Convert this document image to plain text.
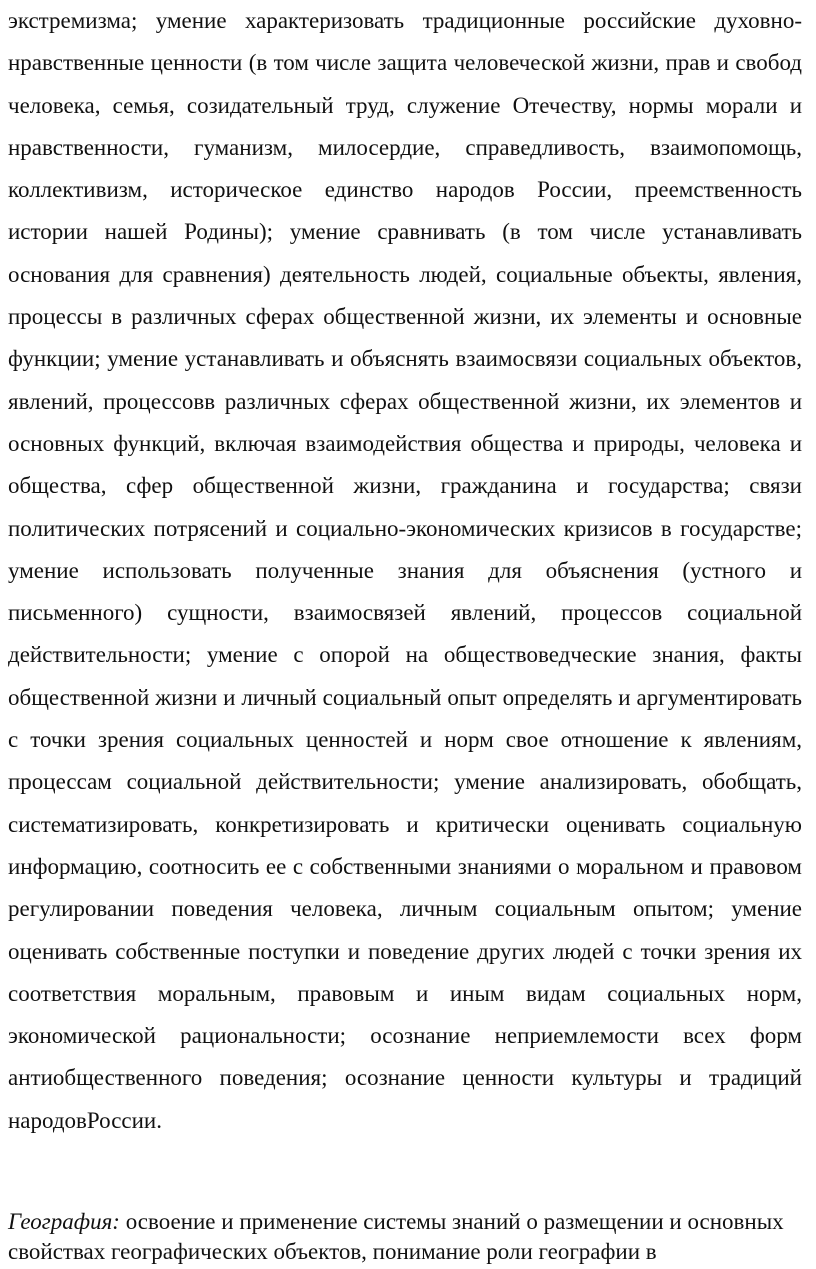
экстремизма; умение характеризовать традиционные российские духовно-нравственные ценности (в том числе защита человеческой жизни, прав и свобод человека, семья, созидательный труд, служение Отечеству, нормы морали и нравственности, гуманизм, милосердие, справедливость, взаимопомощь, коллективизм, историческое единство народов России, преемственность истории нашей Родины); умение сравнивать (в том числе устанавливать основания для сравнения) деятельность людей, социальные объекты, явления, процессы в различных сферах общественной жизни, их элементы и основные функции; умение устанавливать и объяснять взаимосвязи социальных объектов, явлений, процессовв различных сферах общественной жизни, их элементов и основных функций, включая взаимодействия общества и природы, человека и общества, сфер общественной жизни, гражданина и государства; связи политических потрясений и социально-экономических кризисов в государстве; умение использовать полученные знания для объяснения (устного и письменного) сущности, взаимосвязей явлений, процессов социальной действительности; умение с опорой на обществоведческие знания, факты общественной жизни и личный социальный опыт определять и аргументировать с точки зрения социальных ценностей и норм свое отношение к явлениям, процессам социальной действительности; умение анализировать, обобщать, систематизировать, конкретизировать и критически оценивать социальную информацию, соотносить ее с собственными знаниями о моральном и правовом регулировании поведения человека, личным социальным опытом; умение оценивать собственные поступки и поведение других людей с точки зрения их соответствия моральным, правовым и иным видам социальных норм, экономической рациональности; осознание неприемлемости всех форм антиобщественного поведения; осознание ценности культуры и традиций народовРоссии.

География: освоение и применение системы знаний о размещении и основных свойствах географических объектов, понимание роли географии в
